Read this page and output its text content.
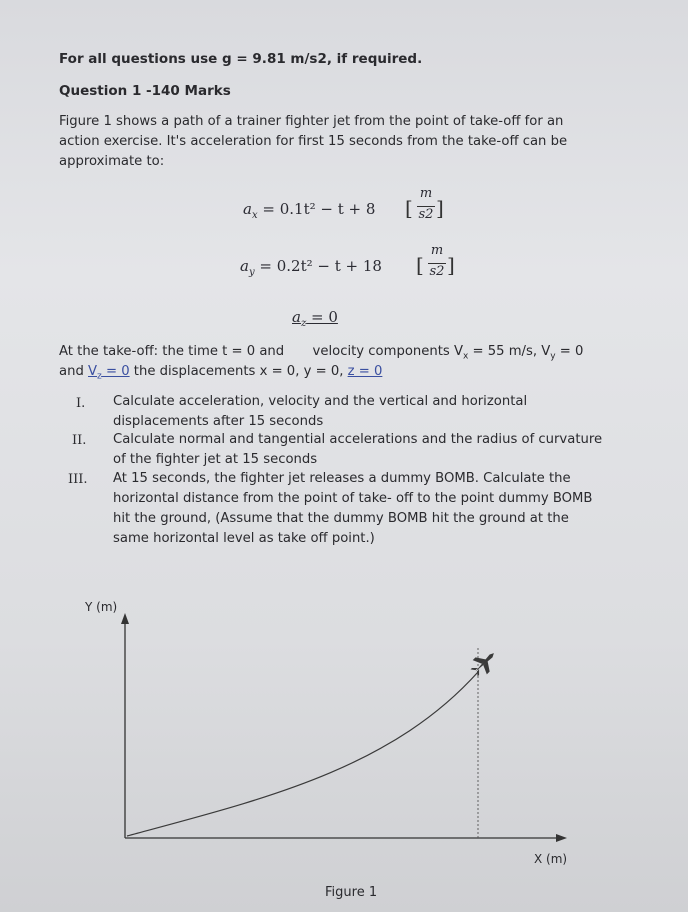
For all questions use g = 9.81 m/s2, if required.
Question 1 -140 Marks
Figure 1 shows a path of a trainer fighter jet from the point of take-off for an
action exercise. It's acceleration for first 15 seconds from the take-off can be
approximate to:
$a_x = 0.1t^2 - t + 8$ [
m
s2 ]
$a_y = 0.2t^2 - t + 18$ [
m
s2 ]
$a_z = 0$
At the take-off: the time t = 0 and velocity components $V_x = 55$ m/s, $V_y = 0$
and $V_z = 0$ the displacements x = 0, y = 0, z = 0
I. Calculate acceleration, velocity and the vertical and horizontal
displacements after 15 seconds
II. Calculate normal and tangential accelerations and the radius of curvature
of the fighter jet at 15 seconds
III. At 15 seconds, the fighter jet releases a dummy BOMB. Calculate the
horizontal distance from the point of take- off to the point dummy BOMB
hit the ground, (Assume that the dummy BOMB hit the ground at the
same horizontal level as take off point.)
Y (m)
X (m)
Figure 1
